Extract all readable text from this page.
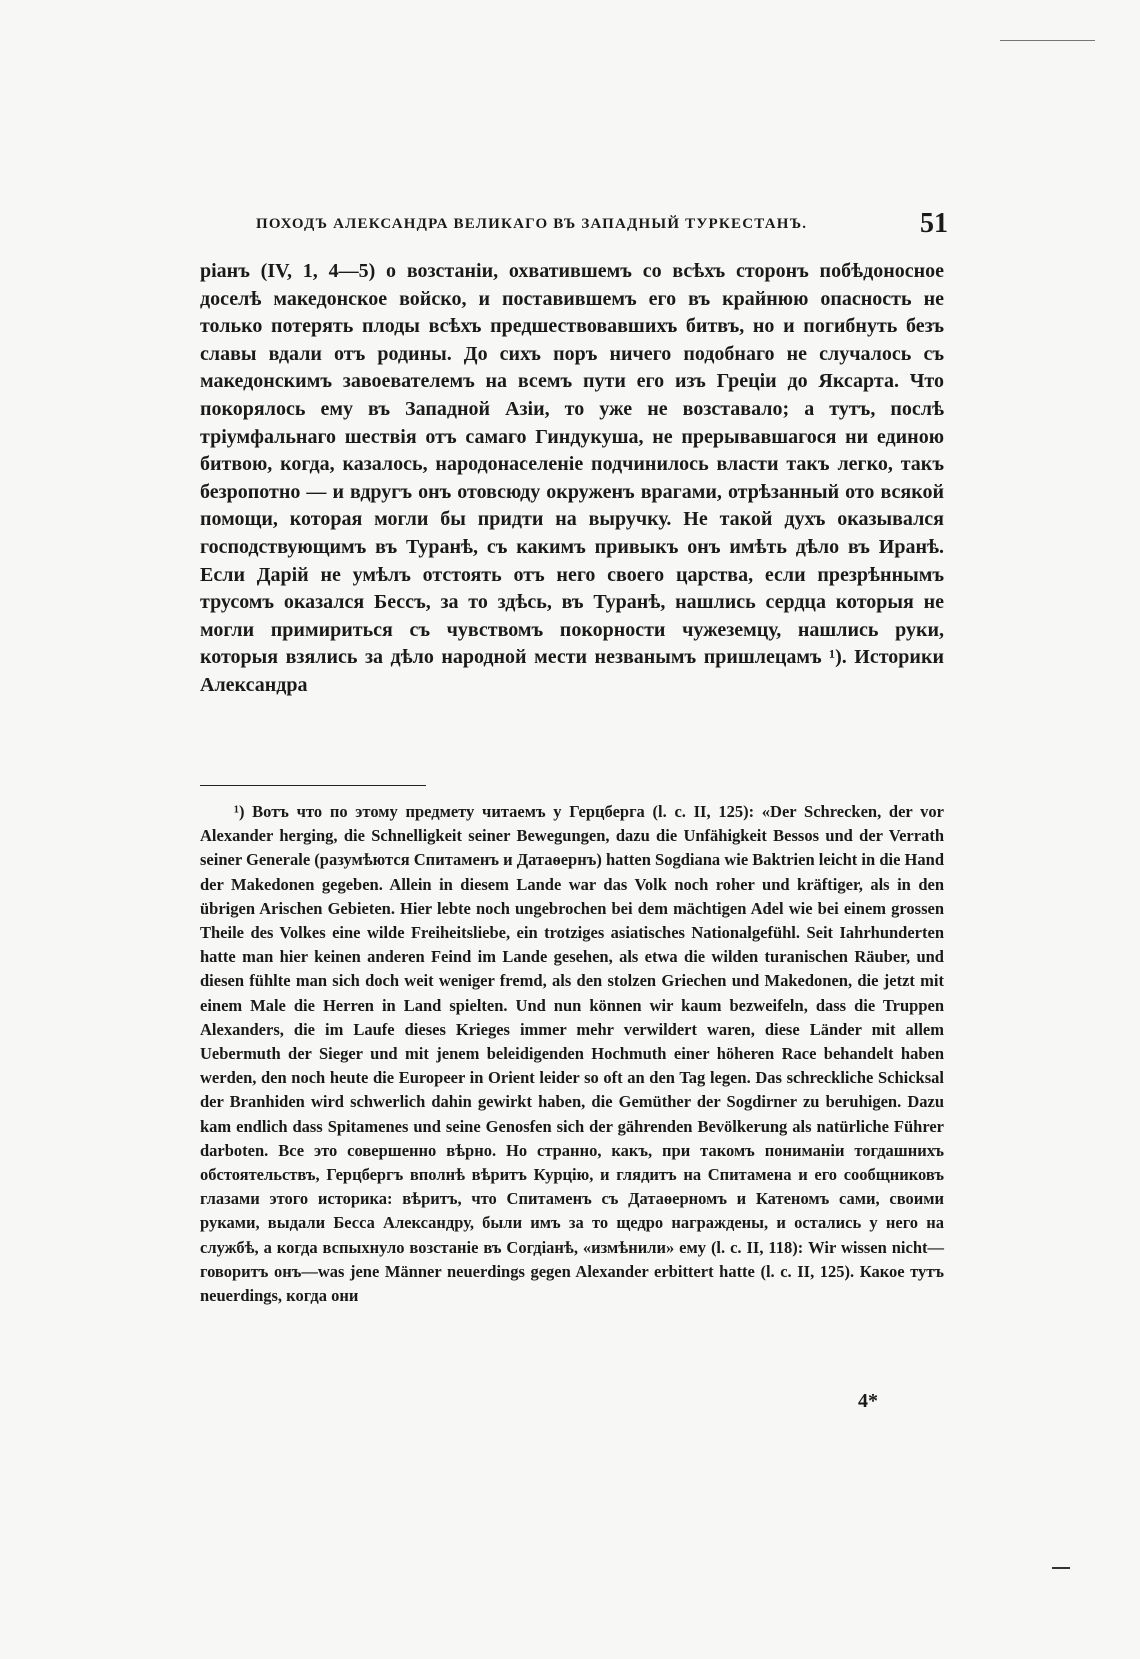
ПОХОДЪ АЛЕКСАНДРА ВЕЛИКАГО ВЪ ЗАПАДНЫЙ ТУРКЕСТАНЪ.	51

ріанъ (IV, 1, 4—5) о возстаніи, охватившемъ со всѣхъ сторонъ побѣдоносное доселѣ македонское войско, и поставившемъ его въ крайнюю опасность не только потерять плоды всѣхъ предшествовавшихъ битвъ, но и погибнуть безъ славы вдали отъ родины. До сихъ поръ ничего подобнаго не случалось съ македонскимъ завоевателемъ на всемъ пути его изъ Греціи до Яксарта. Что покорялось ему въ Западной Азіи, то уже не возставало; а тутъ, послѣ тріумфальнаго шествія отъ самаго Гиндукуша, не прерывавшагося ни единою битвою, когда, казалось, народонаселеніе подчинилось власти такъ легко, такъ безропотно — и вдругъ онъ отовсюду окруженъ врагами, отрѣзанный ото всякой помощи, которая могли бы придти на выручку. Не такой духъ оказывался господствующимъ въ Туранѣ, съ какимъ привыкъ онъ имѣть дѣло въ Иранѣ. Если Дарій не умѣлъ отстоять отъ него своего царства, если презрѣннымъ трусомъ оказался Бессъ, за то здѣсь, въ Туранѣ, нашлись сердца которыя не могли примириться съ чувствомъ покорности чужеземцу, нашлись руки, которыя взялись за дѣло народной мести незванымъ пришлецамъ ¹). Историки Александра

¹) Вотъ что по этому предмету читаемъ у Герцберга (l. c. II, 125): «Der Schrecken, der vor Alexander herging, die Schnelligkeit seiner Bewegungen, dazu die Unfähigkeit Bessos und der Verrath seiner Generale (разумѣются Спитаменъ и Датаѳернъ) hatten Sogdiana wie Baktrien leicht in die Hand der Makedonen gegeben. Allein in diesem Lande war das Volk noch roher und kräftiger, als in den übrigen Arischen Gebieten. Hier lebte noch ungebrochen bei dem mächtigen Adel wie bei einem grossen Theile des Volkes eine wilde Freiheitsliebe, ein trotziges asiatisches Nationalgefühl. Seit Iahrhunderten hatte man hier keinen anderen Feind im Lande gesehen, als etwa die wilden turanischen Räuber, und diesen fühlte man sich doch weit weniger fremd, als den stolzen Griechen und Makedonen, die jetzt mit einem Male die Herren in Land spielten. Und nun können wir kaum bezweifeln, dass die Truppen Alexanders, die im Laufe dieses Krieges immer mehr verwildert waren, diese Länder mit allem Uebermuth der Sieger und mit jenem beleidigenden Hochmuth einer höheren Race behandelt haben werden, den noch heute die Europeer in Orient leider so oft an den Tag legen. Das schreckliche Schicksal der Branhiden wird schwerlich dahin gewirkt haben, die Gemüther der Sogdirner zu beruhigen. Dazu kam endlich dass Spitamenes und seine Genosfen sich der gährenden Bevölkerung als natürliche Führer darboten. Все это совершенно вѣрно. Но странно, какъ, при такомъ пониманіи тогдашнихъ обстоятельствъ, Герцбергъ вполнѣ вѣритъ Курцію, и глядитъ на Спитамена и его сообщниковъ глазами этого историка: вѣритъ, что Спитаменъ съ Датаѳерномъ и Катеномъ сами, своими руками, выдали Бесса Александру, были имъ за то щедро награждены, и остались у него на службѣ, а когда вспыхнуло возстаніе въ Согдіанѣ, «измѣнили» ему (l. c. II, 118): Wir wissen nicht—говоритъ онъ—was jene Männer neuerdings gegen Alexander erbittert hatte (l. c. II, 125). Какое тутъ neuerdings, когда они

4*
